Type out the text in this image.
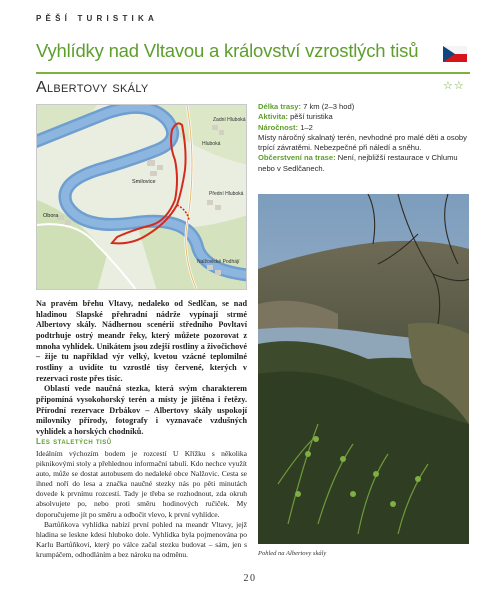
PĚŠÍ TURISTIKA
Vyhlídky nad Vltavou a království vzrostlých tisů
Albertovy skály	☆☆
Zadní Hluboká
Hluboká
Smilovice
Obora
Přední Hluboká
Nalžovické Podhájí
Délka trasy: 7 km (2–3 hod)
Aktivita: pěší turistika
Náročnost: 1–2
Místy náročný skalnatý terén, nevhodné pro malé děti a osoby trpící závratěmi. Nebezpečné při náledí a sněhu.
Občerstvení na trase: Není, nejbližší restaurace v Chlumu nebo v Sedlčanech.
Pohled na Albertovy skály

Na pravém břehu Vltavy, nedaleko od Sedlčan, se nad hladinou Slapské přehradní nádrže vypínají strmé Albertovy skály. Nádhernou scenérií středního Povltaví podtrhuje ostrý meandr řeky, který můžete pozorovat z mnoha vyhlídek. Unikátem jsou zdejší rostliny a živočichové – žije tu například výr velký, kvetou vzácné teplomilné rostliny a uvidíte tu vzrostlé tisy červené, kterých v rezervaci roste přes tisíc.

Oblastí vede naučná stezka, která svým charakterem připomíná vysokohorský terén a místy je jištěna i řetězy. Přírodní rezervace Drbákov – Albertovy skály uspokojí milovníky přírody, fotografy i vyznavače vzdušných vyhlídek a horských chodníků.

Les staletých tisů

Ideálním výchozím bodem je rozcestí U Křížku s několika piknikovými stoly a přehlednou informační tabulí. Kdo nechce využít auto, může se dostat autobusem do nedaleké obce Nalžovic. Cesta se ihned noří do lesa a značka naučné stezky nás po pěti minutách dovede k prvnímu rozcestí. Tady je třeba se rozhodnout, zda okruh absolvujete po, nebo proti směru hodinových ručiček. My doporučujeme jít po směru a odbočit vlevo, k první vyhlídce.

Bartůňkova vyhlídka nabízí první pohled na meandr Vltavy, jejž hladina se leskne kdesi hluboko dole. Vyhlídka byla pojmenována po Karlu Bartůňkovi, který po válce začal stezku budovat – sám, jen s krumpáčem, odhodláním a bez nároku na odměnu.

20
